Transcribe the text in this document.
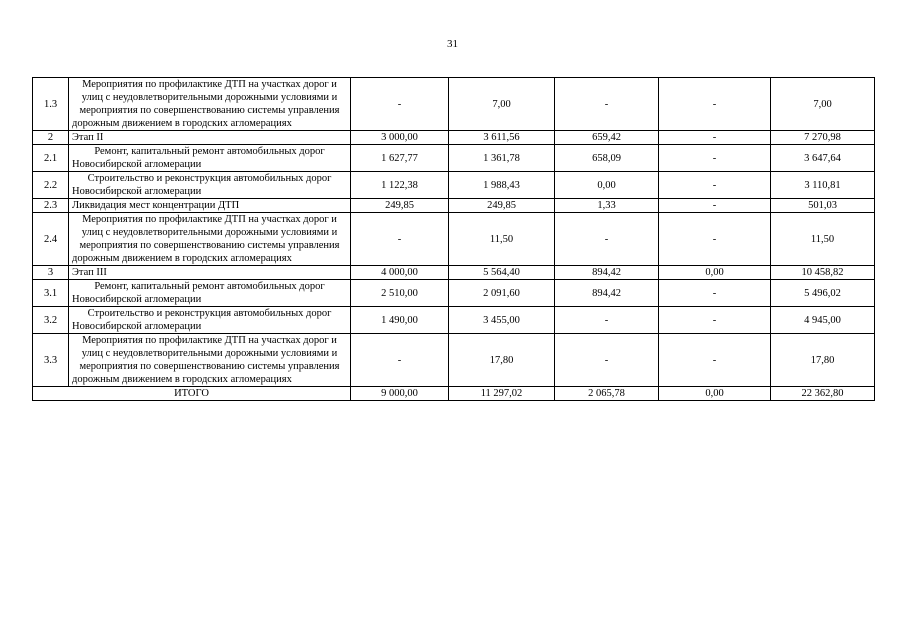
31
1.3	Мероприятия по профилактике ДТП на участках дорог и улиц с неудовлетворительными дорожными условиями и мероприятия по совершенствованию системы управления дорожным движением в городских агломерациях	-	7,00	-	-	7,00
2	Этап II	3 000,00	3 611,56	659,42	-	7 270,98
2.1	Ремонт, капитальный ремонт автомобильных дорог Новосибирской агломерации	1 627,77	1 361,78	658,09	-	3 647,64
2.2	Строительство и реконструкция автомобильных дорог Новосибирской агломерации	1 122,38	1 988,43	0,00	-	3 110,81
2.3	Ликвидация мест концентрации ДТП	249,85	249,85	1,33	-	501,03
2.4	Мероприятия по профилактике ДТП на участках дорог и улиц с неудовлетворительными дорожными условиями и мероприятия по совершенствованию системы управления дорожным движением в городских агломерациях	-	11,50	-	-	11,50
3	Этап III	4 000,00	5 564,40	894,42	0,00	10 458,82
3.1	Ремонт, капитальный ремонт автомобильных дорог Новосибирской агломерации	2 510,00	2 091,60	894,42	-	5 496,02
3.2	Строительство и реконструкция автомобильных дорог Новосибирской агломерации	1 490,00	3 455,00	-	-	4 945,00
3.3	Мероприятия по профилактике ДТП на участках дорог и улиц с неудовлетворительными дорожными условиями и мероприятия по совершенствованию системы управления дорожным движением в городских агломерациях	-	17,80	-	-	17,80
ИТОГО		9 000,00	11 297,02	2 065,78	0,00	22 362,80
